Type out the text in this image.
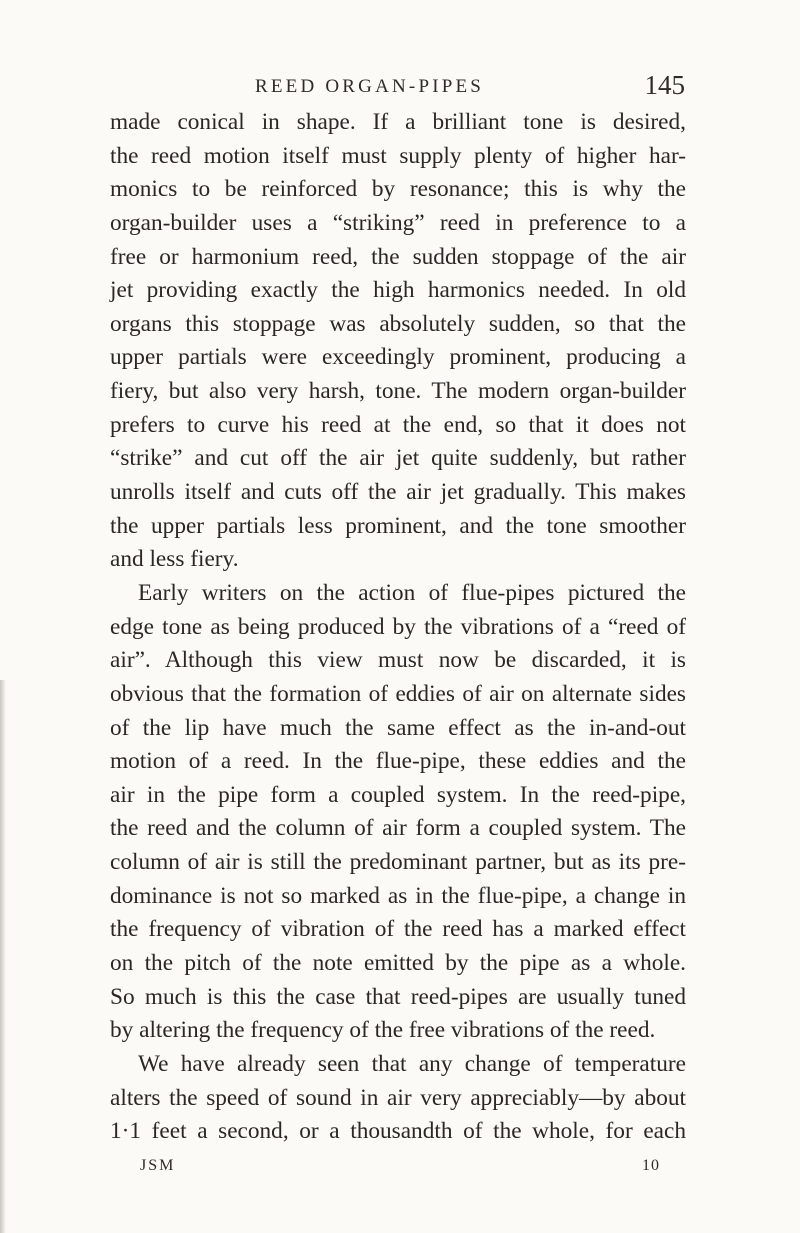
REED ORGAN-PIPES	145
made conical in shape. If a brilliant tone is desired,
the reed motion itself must supply plenty of higher har-
monics to be reinforced by resonance; this is why the
organ-builder uses a “striking” reed in preference to a
free or harmonium reed, the sudden stoppage of the air
jet providing exactly the high harmonics needed. In old
organs this stoppage was absolutely sudden, so that the
upper partials were exceedingly prominent, producing a
fiery, but also very harsh, tone. The modern organ-builder
prefers to curve his reed at the end, so that it does not
“strike” and cut off the air jet quite suddenly, but rather
unrolls itself and cuts off the air jet gradually. This makes
the upper partials less prominent, and the tone smoother
and less fiery.
Early writers on the action of flue-pipes pictured the
edge tone as being produced by the vibrations of a “reed of
air”. Although this view must now be discarded, it is
obvious that the formation of eddies of air on alternate sides
of the lip have much the same effect as the in-and-out
motion of a reed. In the flue-pipe, these eddies and the
air in the pipe form a coupled system. In the reed-pipe,
the reed and the column of air form a coupled system. The
column of air is still the predominant partner, but as its pre-
dominance is not so marked as in the flue-pipe, a change in
the frequency of vibration of the reed has a marked effect
on the pitch of the note emitted by the pipe as a whole.
So much is this the case that reed-pipes are usually tuned
by altering the frequency of the free vibrations of the reed.
We have already seen that any change of temperature
alters the speed of sound in air very appreciably—by about
1·1 feet a second, or a thousandth of the whole, for each
JSM	10
